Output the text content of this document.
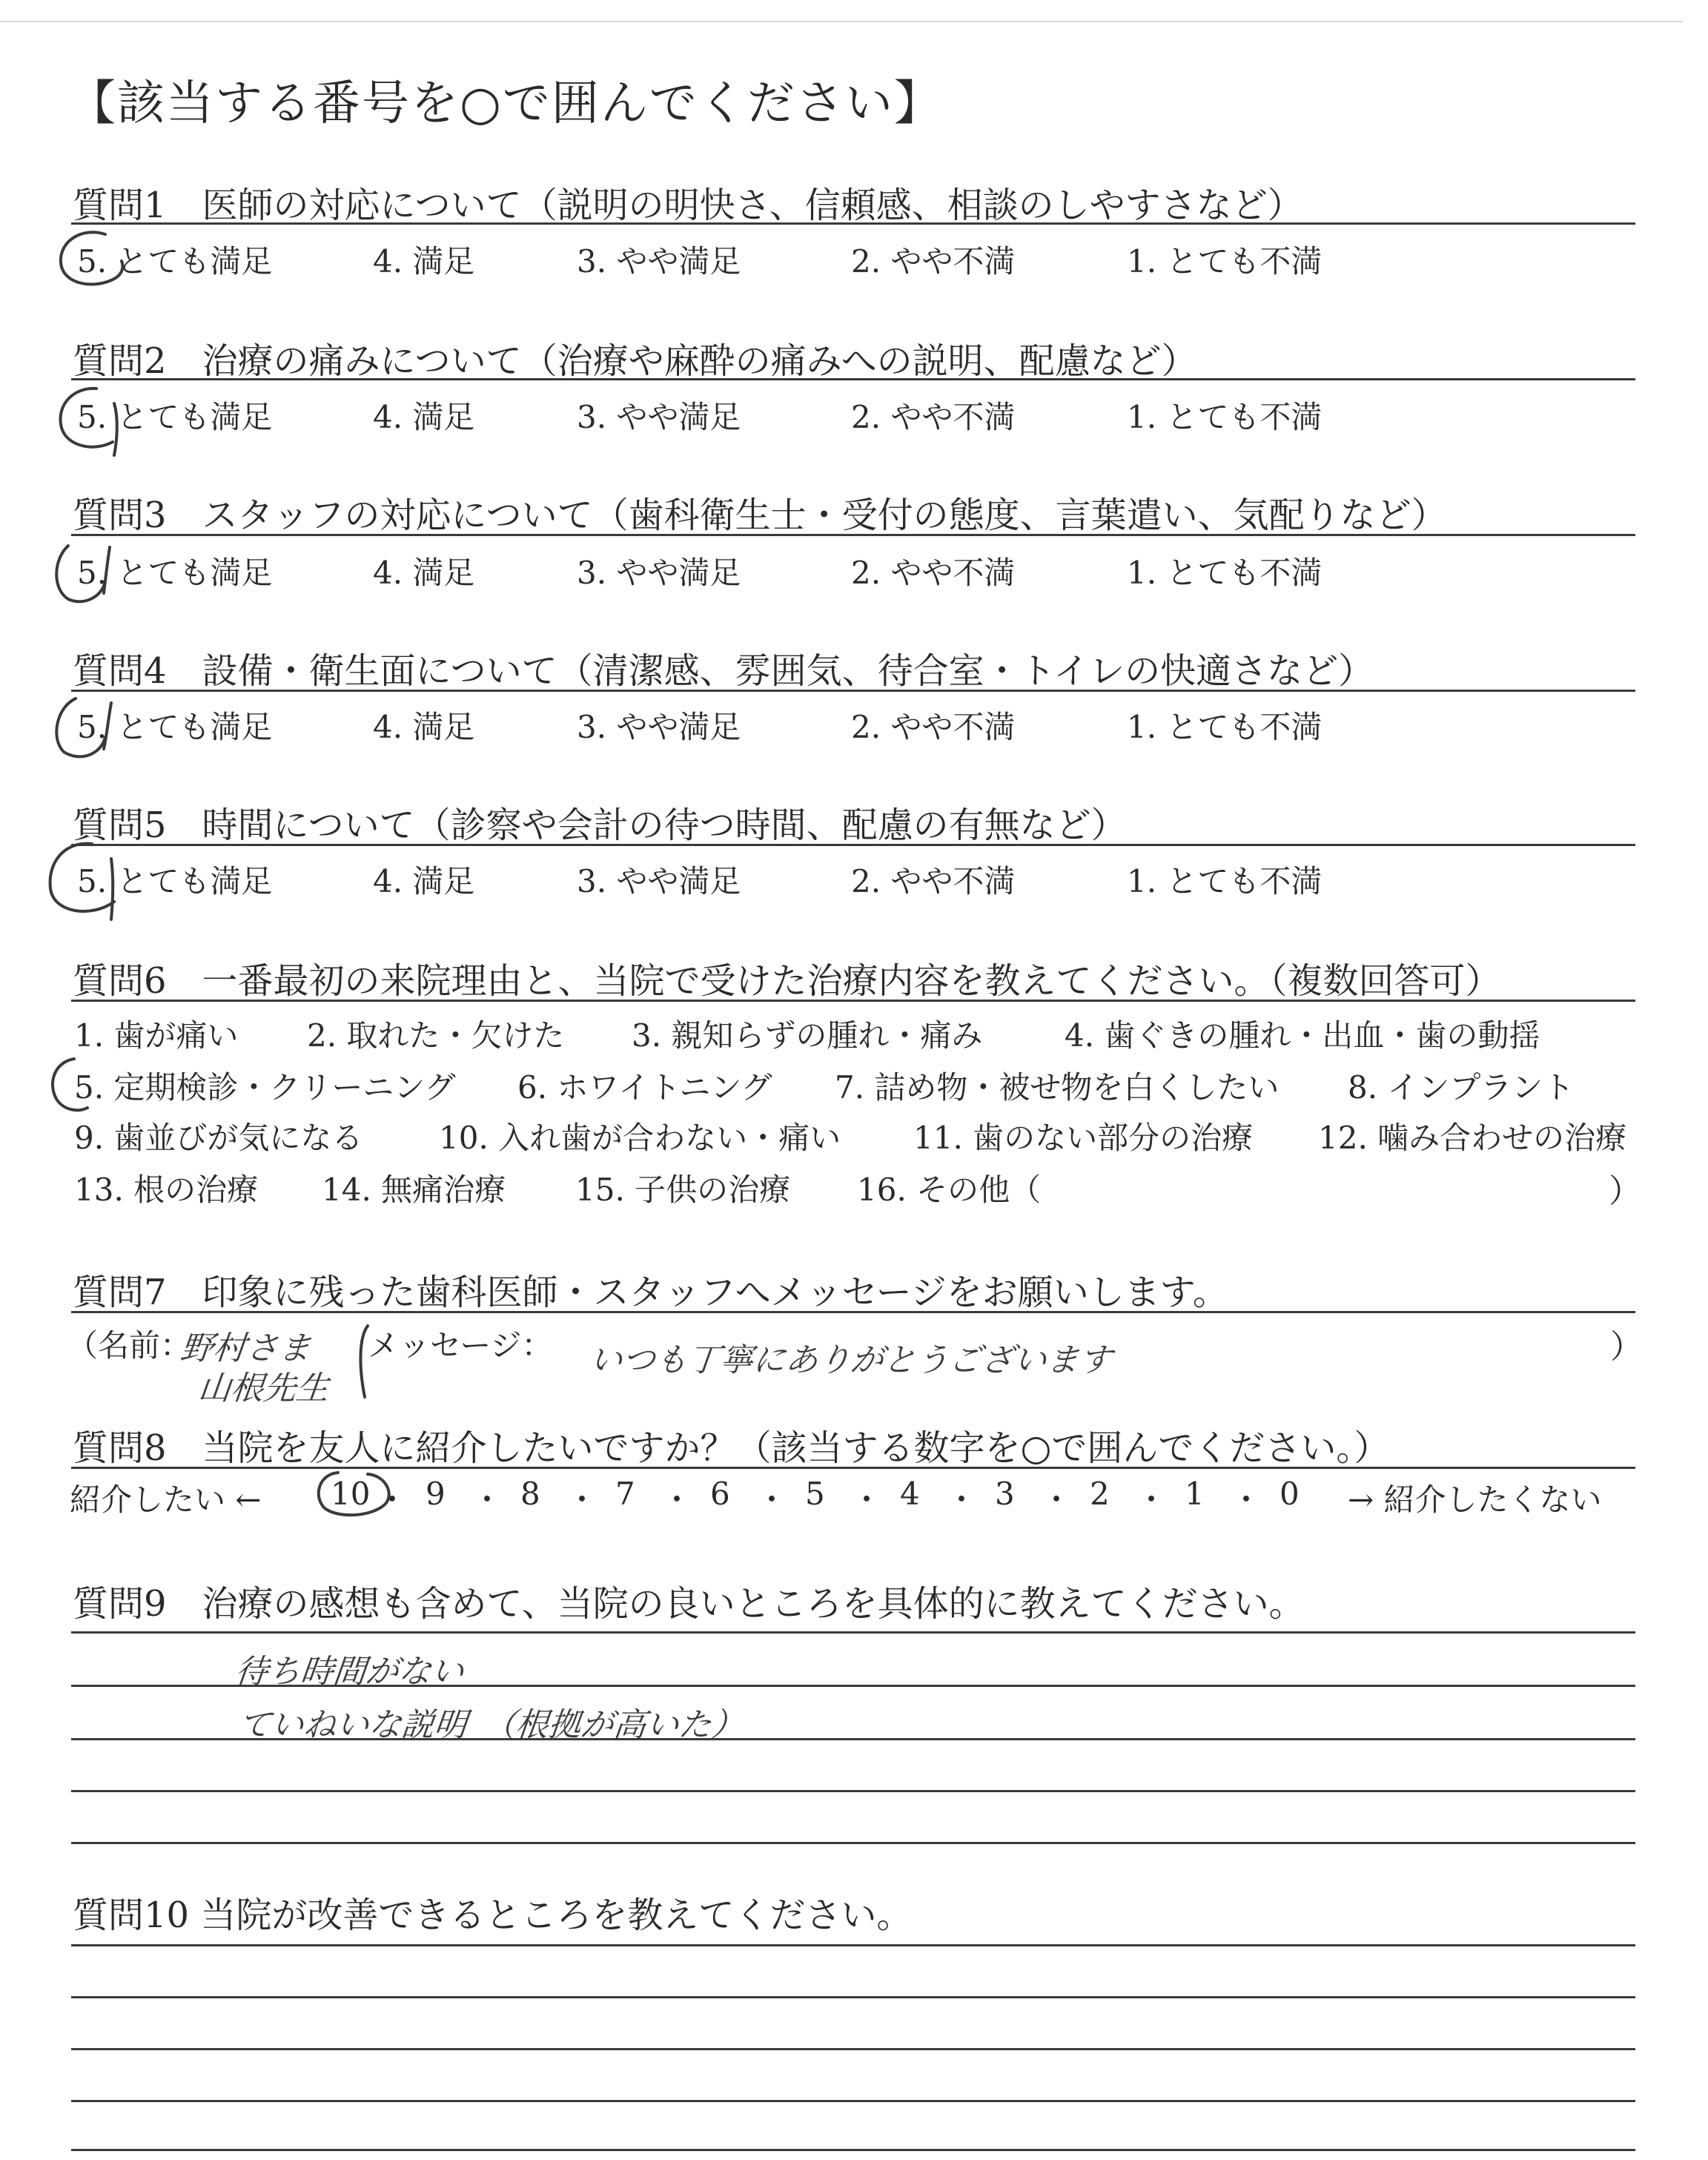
【該当する番号を○で囲んでください】
質問1　医師の対応について（説明の明快さ、信頼感、相談のしやすさなど）
5. とても満足	4. 満足	3. やや満足	2. やや不満	1. とても不満
質問2　治療の痛みについて（治療や麻酔の痛みへの説明、配慮など）
5. とても満足	4. 満足	3. やや満足	2. やや不満	1. とても不満
質問3　スタッフの対応について（歯科衛生士・受付の態度、言葉遣い、気配りなど）
5. とても満足	4. 満足	3. やや満足	2. やや不満	1. とても不満
質問4　設備・衛生面について（清潔感、雰囲気、待合室・トイレの快適さなど）
5. とても満足	4. 満足	3. やや満足	2. やや不満	1. とても不満
質問5　時間について（診察や会計の待つ時間、配慮の有無など）
5. とても満足	4. 満足	3. やや満足	2. やや不満	1. とても不満
質問6　一番最初の来院理由と、当院で受けた治療内容を教えてください。（複数回答可）
1. 歯が痛い 2. 取れた・欠けた 3. 親知らずの腫れ・痛み	4. 歯ぐきの腫れ・出血・歯の動揺
5. 定期検診・クリーニング 6. ホワイトニング 7. 詰め物・被せ物を白くしたい 8. インプラント
9. 歯並びが気になる 10. 入れ歯が合わない・痛い 11. 歯のない部分の治療 12. 噛み合わせの治療
13. 根の治療 14. 無痛治療 15. 子供の治療 16. その他（	）
質問7　印象に残った歯科医師・スタッフへメッセージをお願いします。
（名前：
野村さま
山根先生
メッセージ： いつも丁寧にありがとうございます	）
質問8　当院を友人に紹介したいですか？（該当する数字を○で囲んでください。）
紹介したい ← 10 ・ 9 ・ 8 ・ 7 ・ 6 ・ 5 ・ 4 ・ 3 ・ 2 ・ 1 ・ 0 → 紹介したくない
質問9　治療の感想も含めて、当院の良いところを具体的に教えてください。
待ち時間がない
ていねいな説明　（根拠が高いた）
質問10 当院が改善できるところを教えてください。
